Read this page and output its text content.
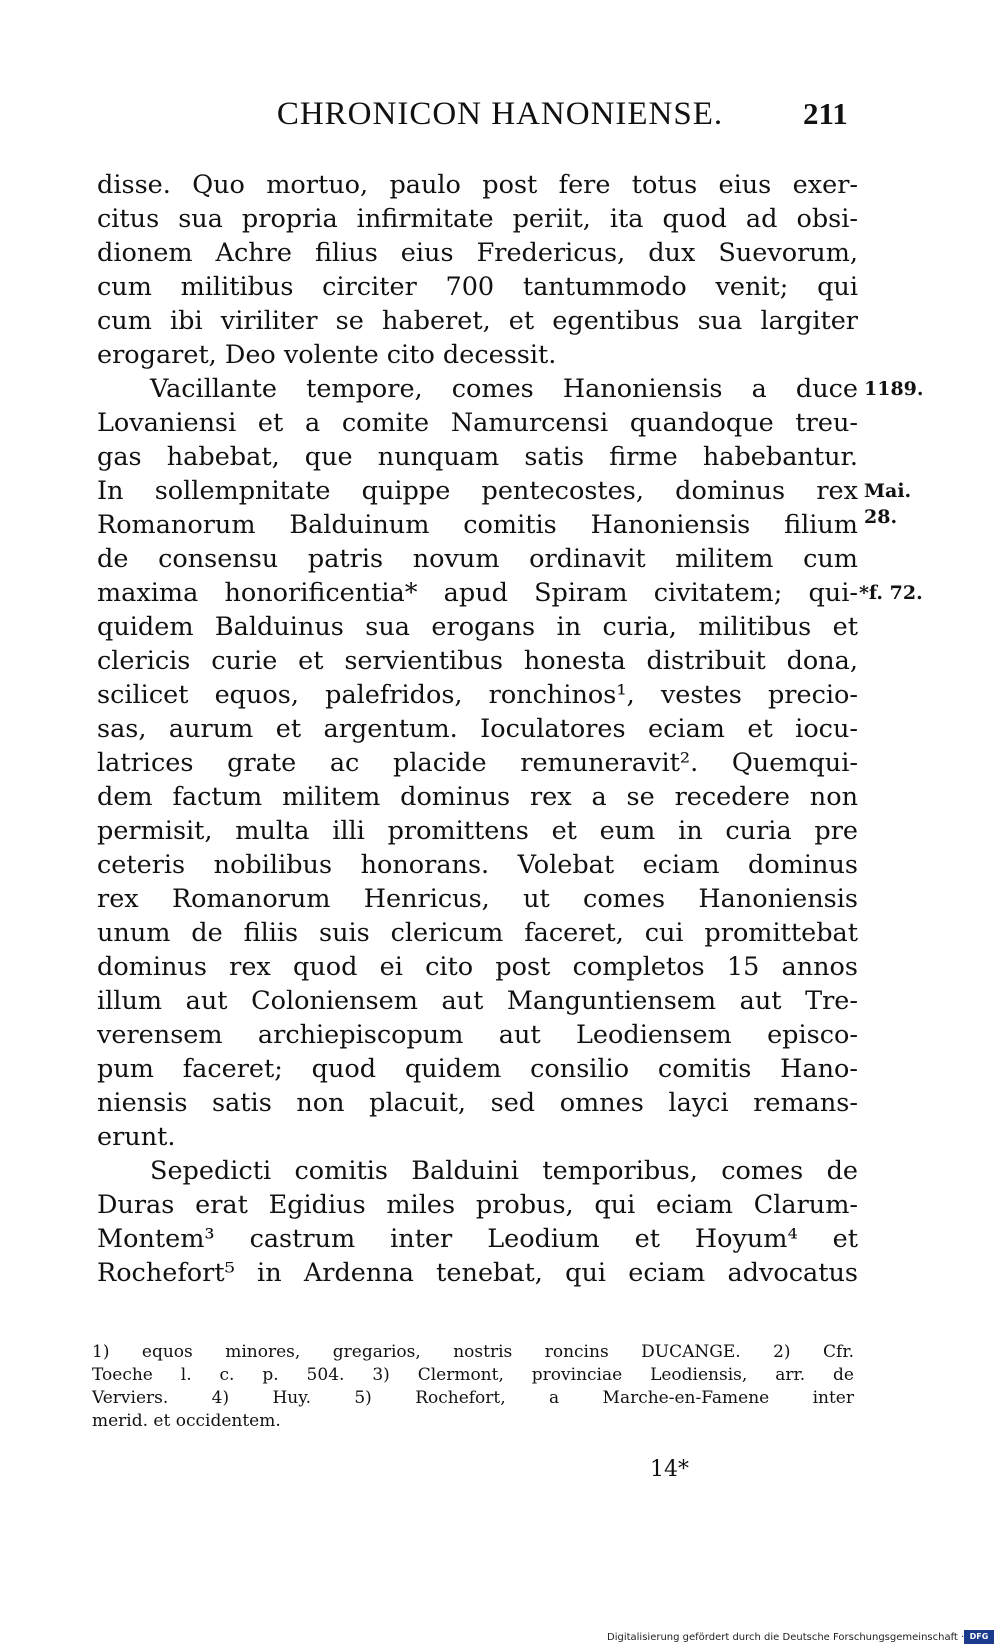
CHRONICON HANONIENSE.	211
disse. Quo mortuo, paulo post fere totus eius exer-
citus sua propria infirmitate periit, ita quod ad obsi-
dionem Achre filius eius Fredericus, dux Suevorum,
cum militibus circiter 700 tantummodo venit; qui
cum ibi viriliter se haberet, et egentibus sua largiter
erogaret, Deo volente cito decessit.
Vacillante tempore, comes Hanoniensis a duce
Lovaniensi et a comite Namurcensi quandoque treu-
gas habebat, que nunquam satis firme habebantur.
In sollempnitate quippe pentecostes, dominus rex
Romanorum Balduinum comitis Hanoniensis filium
de consensu patris novum ordinavit militem cum
maxima honorificentia* apud Spiram civitatem; qui-
quidem Balduinus sua erogans in curia, militibus et
clericis curie et servientibus honesta distribuit dona,
scilicet equos, palefridos, ronchinos¹, vestes precio-
sas, aurum et argentum. Ioculatores eciam et iocu-
latrices grate ac placide remuneravit². Quemqui-
dem factum militem dominus rex a se recedere non
permisit, multa illi promittens et eum in curia pre
ceteris nobilibus honorans. Volebat eciam dominus
rex Romanorum Henricus, ut comes Hanoniensis
unum de filiis suis clericum faceret, cui promittebat
dominus rex quod ei cito post completos 15 annos
illum aut Coloniensem aut Manguntiensem aut Tre-
verensem archiepiscopum aut Leodiensem episco-
pum faceret; quod quidem consilio comitis Hano-
niensis satis non placuit, sed omnes layci remans-
erunt.
Sepedicti comitis Balduini temporibus, comes de
Duras erat Egidius miles probus, qui eciam Clarum-
Montem³ castrum inter Leodium et Hoyum⁴ et
Rochefort⁵ in Ardenna tenebat, qui eciam advocatus
1189.
Mai.
28.
*f. 72.
1) equos minores, gregarios, nostris roncins DUCANGE. 2) Cfr.
Toeche l. c. p. 504. 3) Clermont, provinciae Leodiensis, arr. de
Verviers. 4) Huy. 5) Rochefort, a Marche-en-Famene inter
merid. et occidentem.
14*
Digitalisierung gefördert durch die Deutsche Forschungsgemeinschaft · DFG
